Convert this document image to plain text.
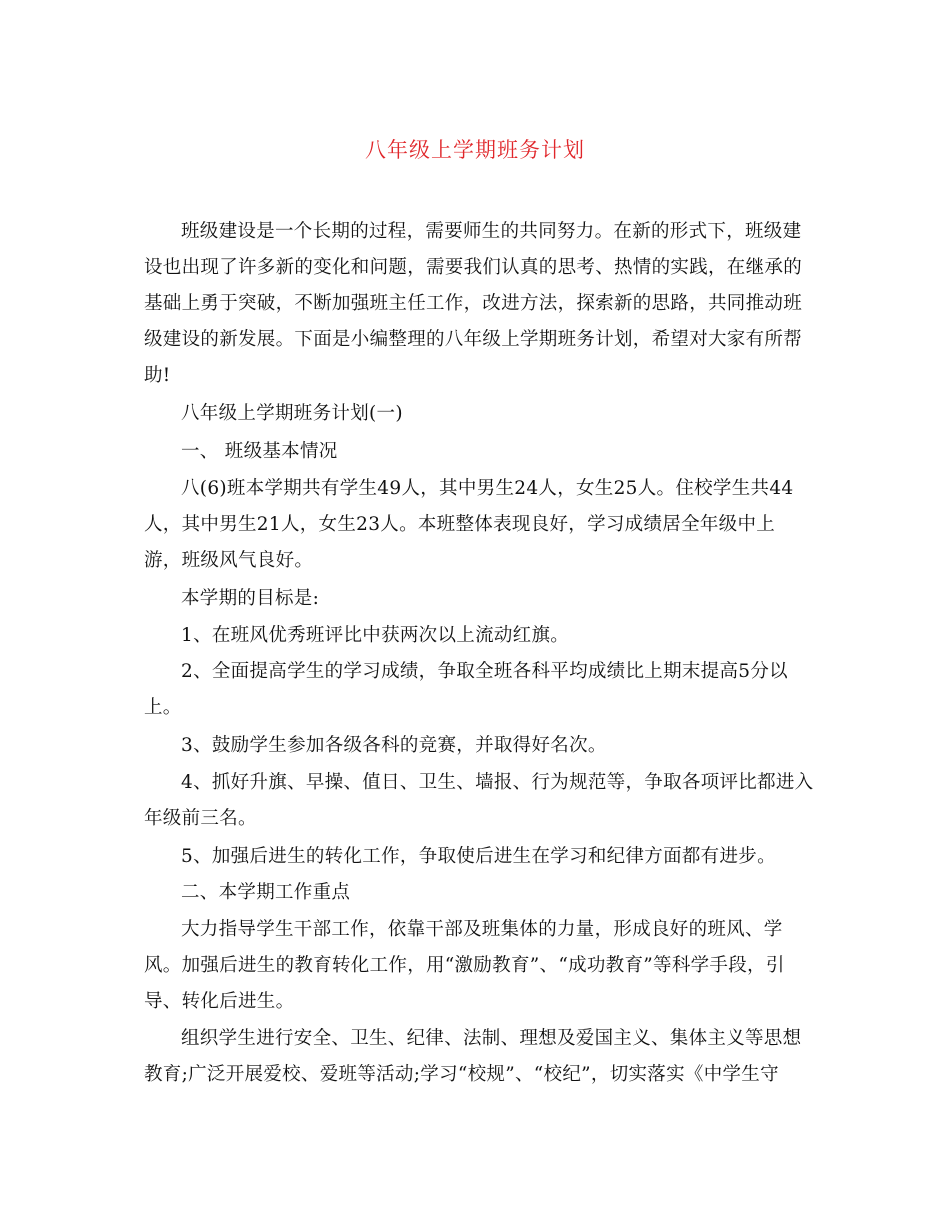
八年级上学期班务计划
班级建设是一个长期的过程，需要师生的共同努力。在新的形式下，班级建
设也出现了许多新的变化和问题，需要我们认真的思考、热情的实践，在继承的
基础上勇于突破，不断加强班主任工作，改进方法，探索新的思路，共同推动班
级建设的新发展。下面是小编整理的八年级上学期班务计划，希望对大家有所帮
助!
八年级上学期班务计划(一)
一、 班级基本情况
八(6)班本学期共有学生49人，其中男生24人，女生25人。住校学生共44
人，其中男生21人，女生23人。本班整体表现良好，学习成绩居全年级中上
游，班级风气良好。
本学期的目标是:
1、在班风优秀班评比中获两次以上流动红旗。
2、全面提高学生的学习成绩，争取全班各科平均成绩比上期末提高5分以
上。
3、鼓励学生参加各级各科的竞赛，并取得好名次。
4、抓好升旗、早操、值日、卫生、墙报、行为规范等，争取各项评比都进入
年级前三名。
5、加强后进生的转化工作，争取使后进生在学习和纪律方面都有进步。
二、本学期工作重点
大力指导学生干部工作，依靠干部及班集体的力量，形成良好的班风、学
风。加强后进生的教育转化工作，用“激励教育”、“成功教育”等科学手段，引
导、转化后进生。
组织学生进行安全、卫生、纪律、法制、理想及爱国主义、集体主义等思想
教育;广泛开展爱校、爱班等活动;学习“校规”、“校纪”，切实落实《中学生守
